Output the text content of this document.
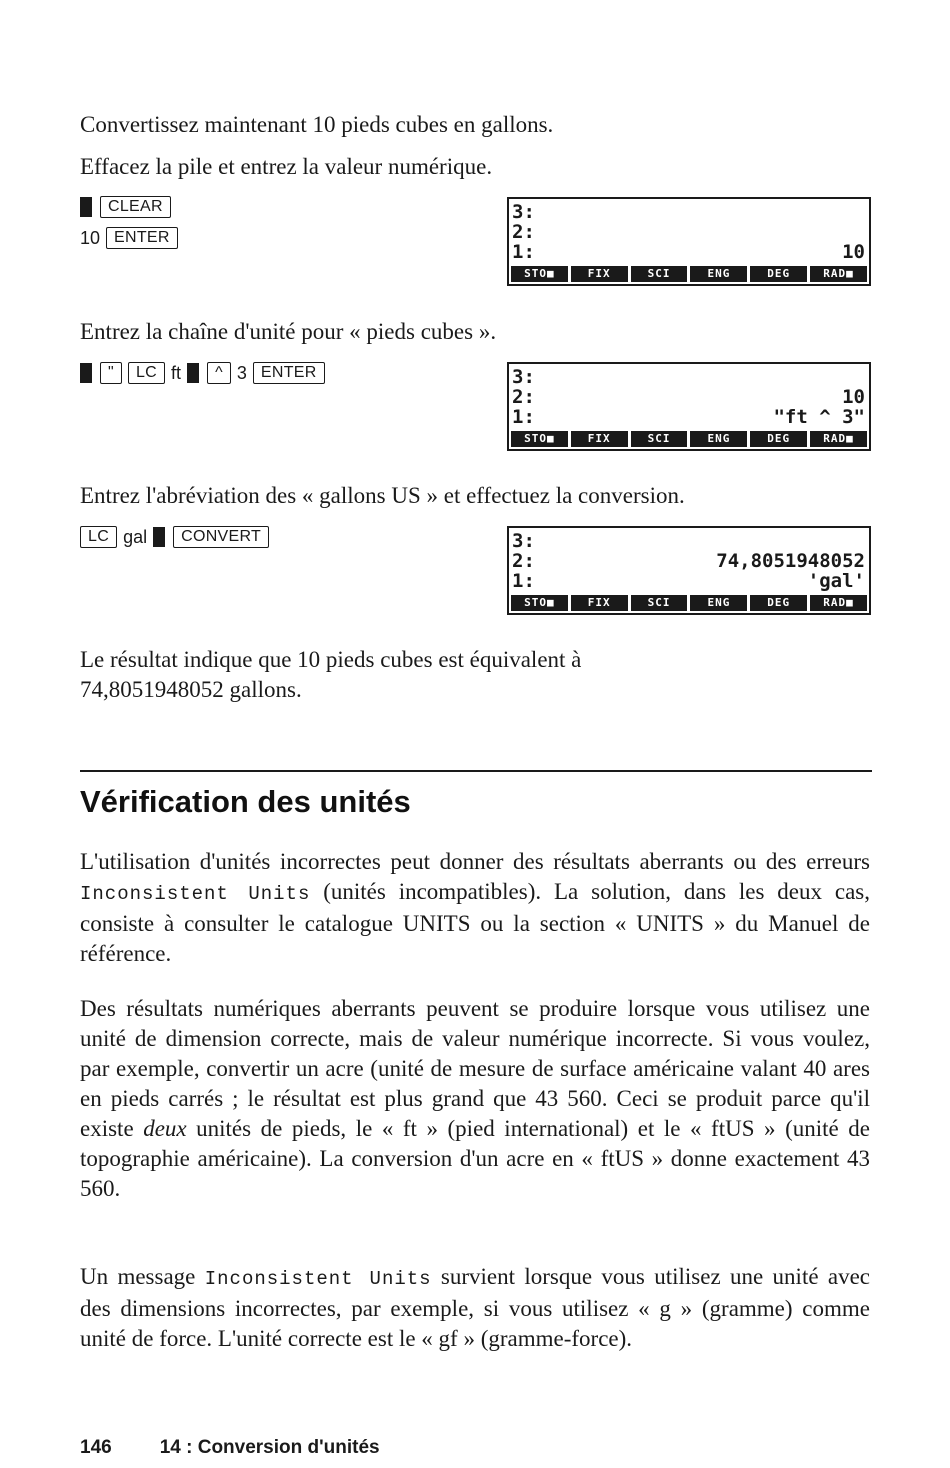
Convertissez maintenant 10 pieds cubes en gallons.

Effacez la pile et entrez la valeur numérique.

CLEAR
10 ENTER
3:
2:
1:	10
STO■	FIX	SCI	ENG	DEG	RAD■

Entrez la chaîne d'unité pour « pieds cubes ».

"	LC ft	^ 3 ENTER	3:
2:	10
1:	"ft ^ 3"
STO■	FIX	SCI	ENG	DEG	RAD■

Entrez l'abréviation des « gallons US » et effectuez la conversion.

LC gal	CONVERT	3:
2:	74,8051948052
1:	'gal'
STO■	FIX	SCI	ENG	DEG	RAD■

Le résultat indique que 10 pieds cubes est équivalent à

74,8051948052 gallons.

Vérification des unités

L'utilisation d'unités incorrectes peut donner des résultats aberrants ou des erreurs Inconsistent Units (unités incompatibles). La solution, dans les deux cas, consiste à consulter le catalogue UNITS ou la section « UNITS » du Manuel de référence.

Des résultats numériques aberrants peuvent se produire lorsque vous utilisez une unité de dimension correcte, mais de valeur numérique incorrecte. Si vous voulez, par exemple, convertir un acre (unité de mesure de surface américaine valant 40 ares en pieds carrés ; le résultat est plus grand que 43 560. Ceci se produit parce qu'il existe deux unités de pieds, le « ft » (pied international) et le « ftUS » (unité de topographie américaine). La conversion d'un acre en « ftUS » donne exactement 43 560.

Un message Inconsistent Units survient lorsque vous utilisez une unité avec des dimensions incorrectes, par exemple, si vous utilisez « g » (gramme) comme unité de force. L'unité correcte est le « gf » (gramme-force).

146	14 : Conversion d'unités
